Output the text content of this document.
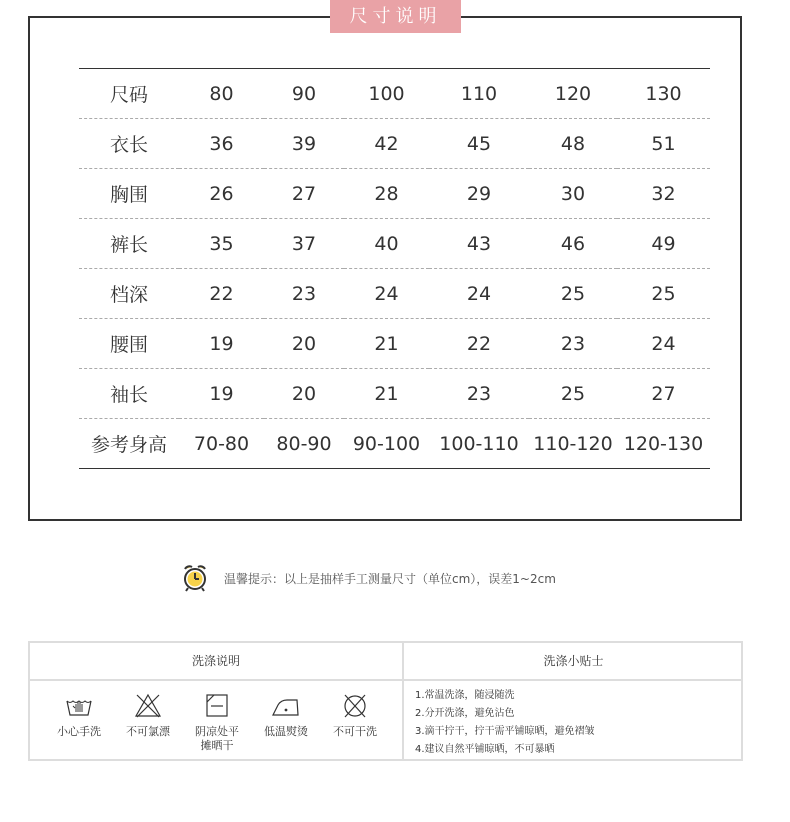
尺寸说明
尺码	80	90	100	110	120	130
衣长	36	39	42	45	48	51
胸围	26	27	28	29	30	32
裤长	35	37	40	43	46	49
档深	22	23	24	24	25	25
腰围	19	20	21	22	23	24
袖长	19	20	21	23	25	27
参考身高	70-80	80-90	90-100	100-110	110-120	120-130
温馨提示：以上是抽样手工测量尺寸（单位cm），误差1~2cm
洗涤说明	洗涤小贴士
小心手洗	不可氯漂	阴凉处平
摊晒干
低温熨烫	不可干洗
1.常温洗涤，随浸随洗
2.分开洗涤，避免沾色
3.滴干拧干，拧干需平铺晾晒，避免褶皱
4.建议自然平铺晾晒，不可暴晒
